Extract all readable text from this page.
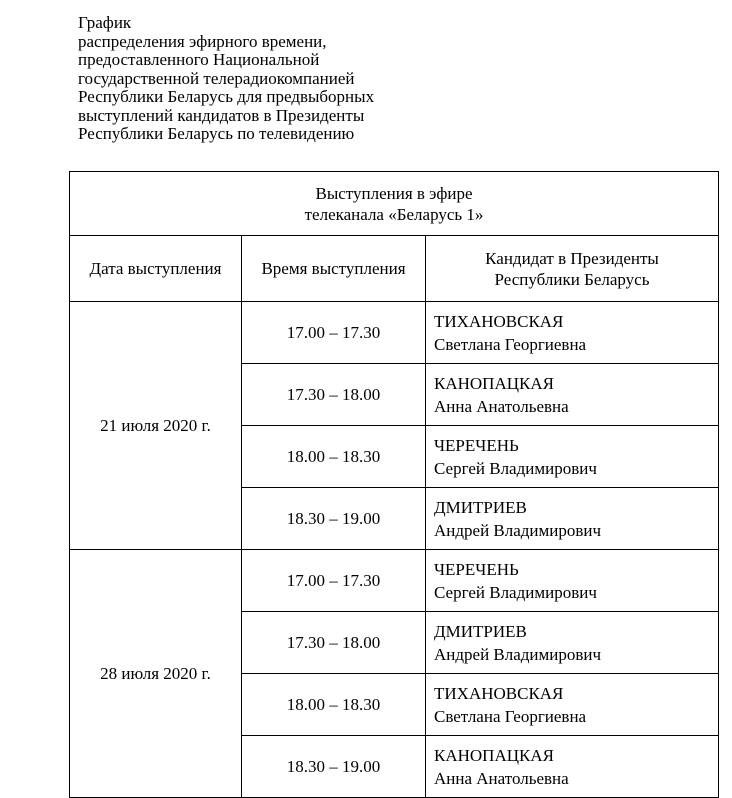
График
распределения эфирного времени,
предоставленного Национальной
государственной телерадиокомпанией
Республики Беларусь для предвыборных
выступлений кандидатов в Президенты
Республики Беларусь по телевидению
Выступления в эфире
телеканала «Беларусь 1»		

Дата выступления	Время выступления	Кандидат в Президенты
Республики Беларусь

21 июля 2020 г.	17.00 – 17.30	ТИХАНОВСКАЯ
Светлана Георгиевна

	17.30 – 18.00	КАНОПАЦКАЯ
Анна Анатольевна

	18.00 – 18.30	ЧЕРЕЧЕНЬ
Сергей Владимирович

	18.30 – 19.00	ДМИТРИЕВ
Андрей Владимирович

28 июля 2020 г.	17.00 – 17.30	ЧЕРЕЧЕНЬ
Сергей Владимирович

	17.30 – 18.00	ДМИТРИЕВ
Андрей Владимирович

	18.00 – 18.30	ТИХАНОВСКАЯ
Светлана Георгиевна

	18.30 – 19.00	КАНОПАЦКАЯ
Анна Анатольевна
